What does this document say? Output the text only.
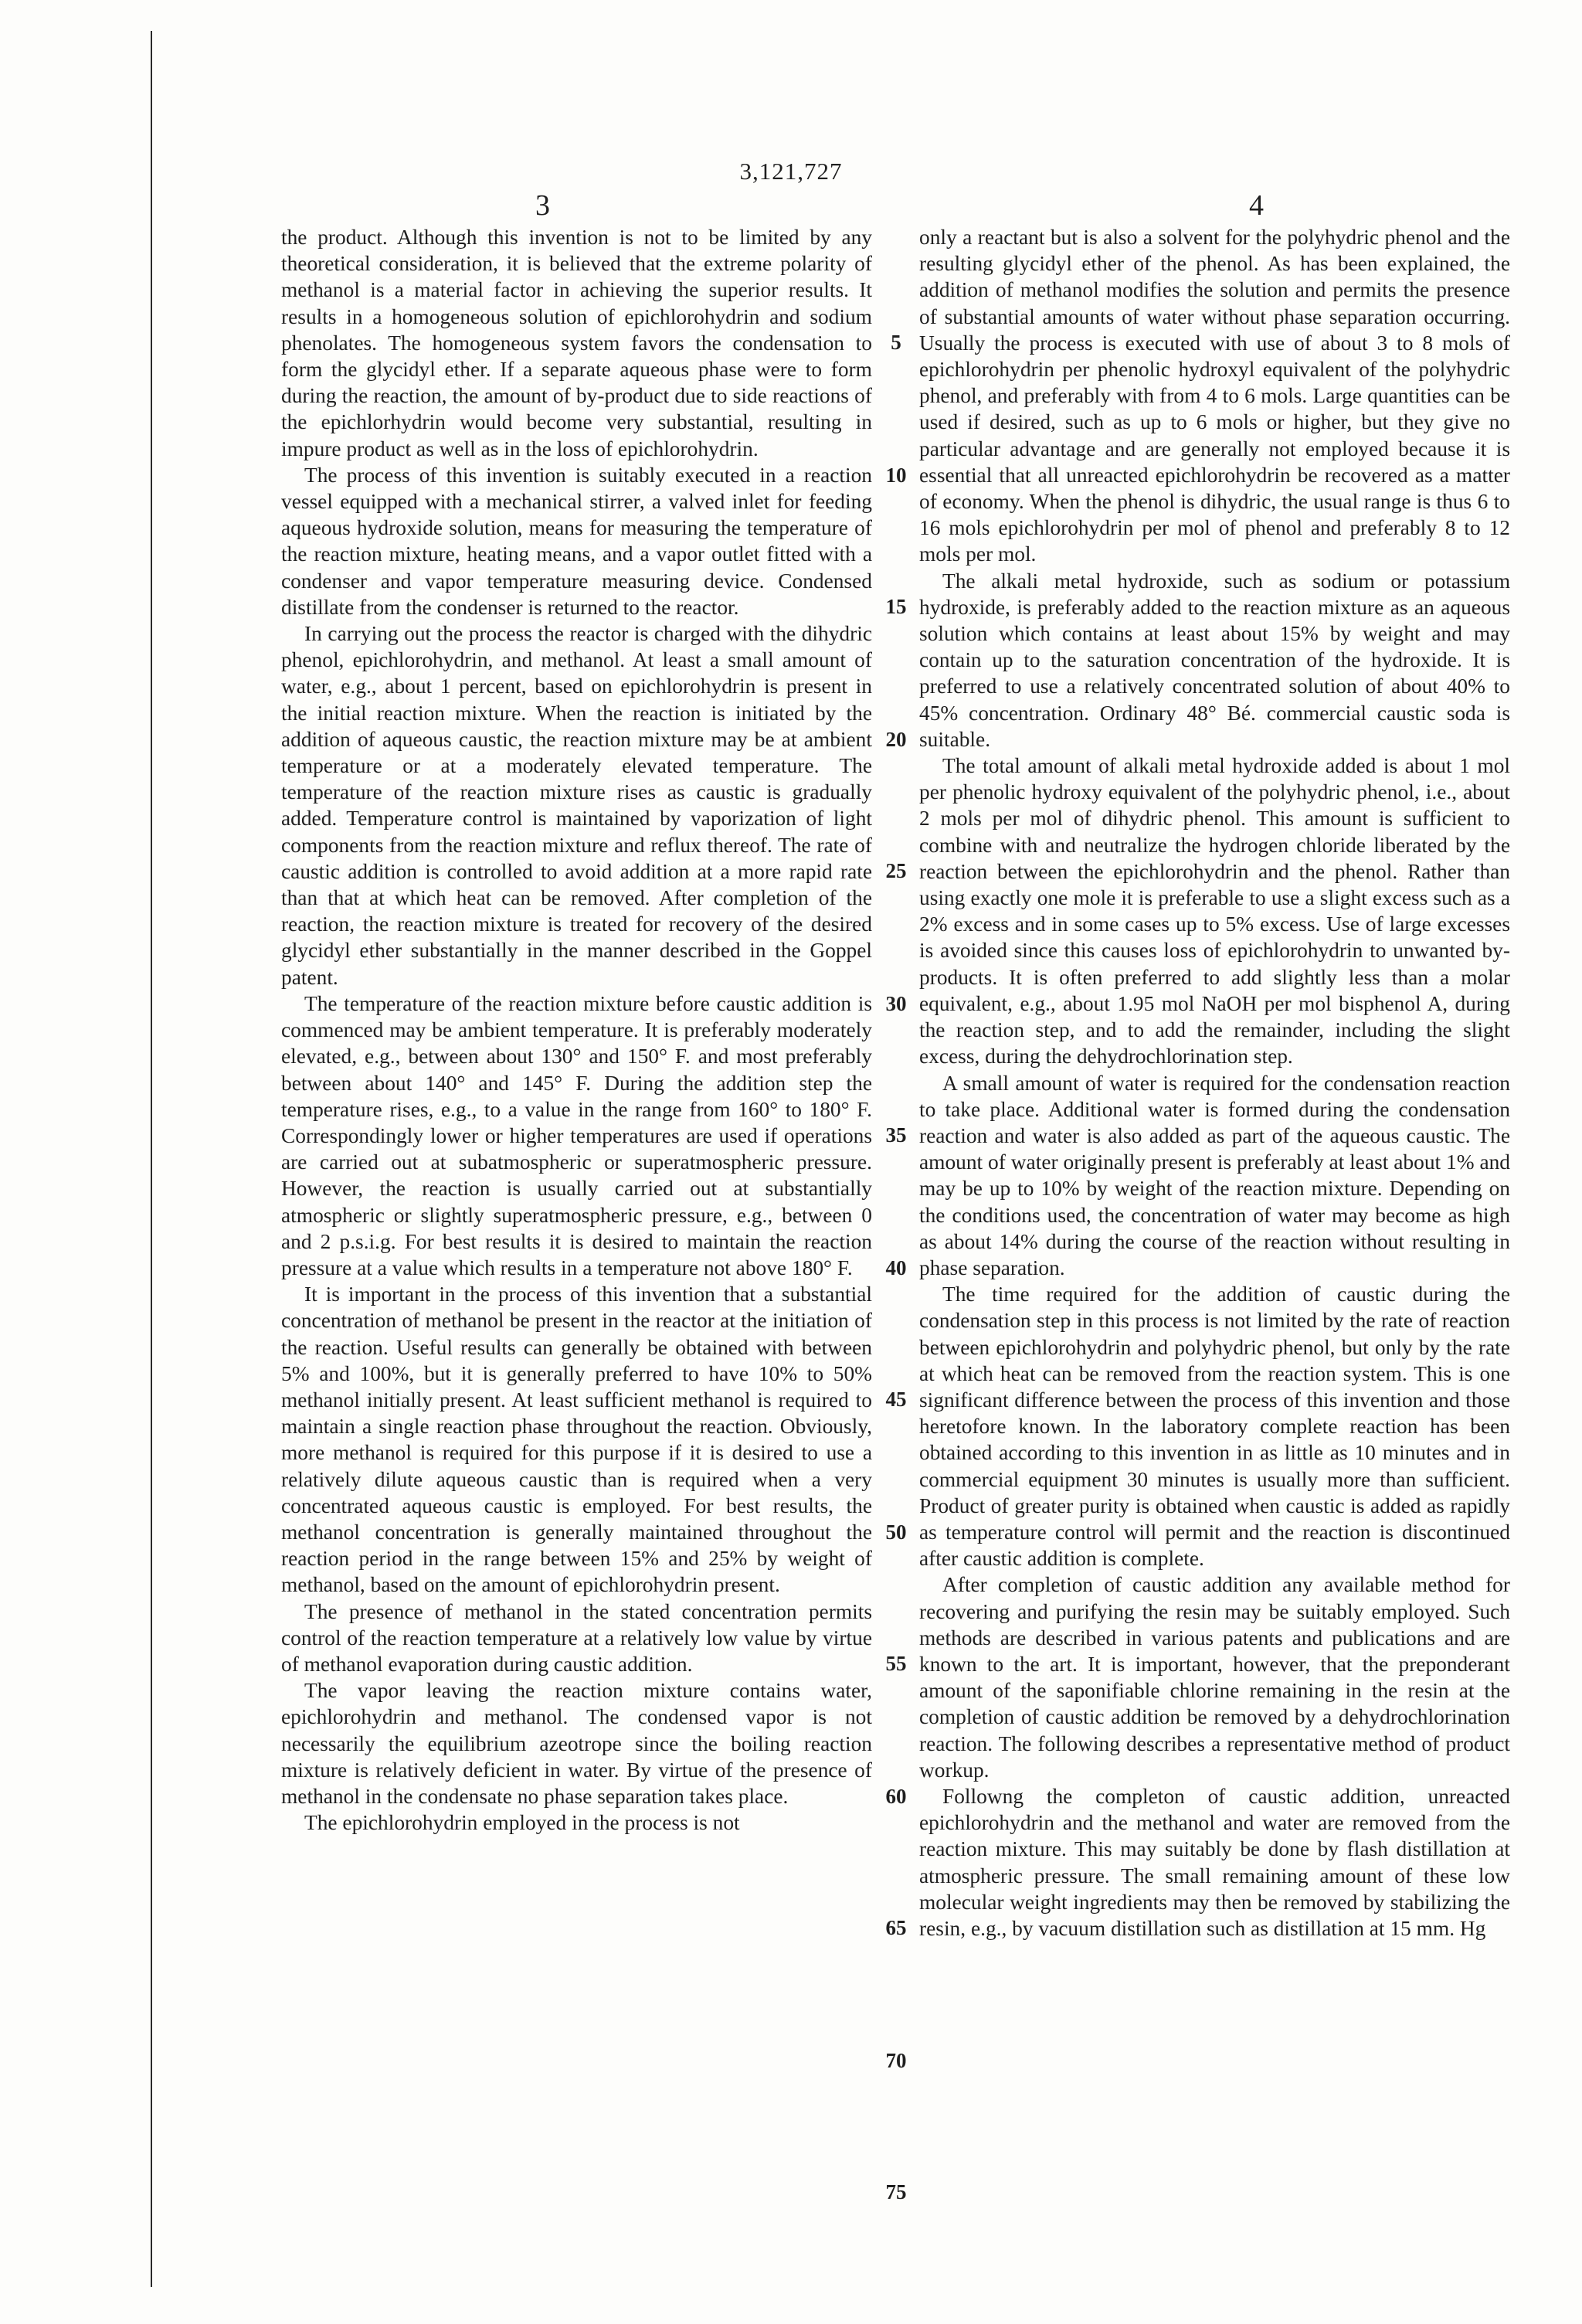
3,121,727
3	4

the product. Although this invention is not to be limited by any theoretical consideration, it is believed that the extreme polarity of methanol is a material factor in achieving the superior results. It results in a homogeneous solution of epichlorohydrin and sodium phenolates. The homogeneous system favors the condensation to form the glycidyl ether. If a separate aqueous phase were to form during the reaction, the amount of by-product due to side reactions of the epichlorhydrin would become very substantial, resulting in impure product as well as in the loss of epichlorohydrin.

The process of this invention is suitably executed in a reaction vessel equipped with a mechanical stirrer, a valved inlet for feeding aqueous hydroxide solution, means for measuring the temperature of the reaction mixture, heating means, and a vapor outlet fitted with a condenser and vapor temperature measuring device. Condensed distillate from the condenser is returned to the reactor.

In carrying out the process the reactor is charged with the dihydric phenol, epichlorohydrin, and methanol. At least a small amount of water, e.g., about 1 percent, based on epichlorohydrin is present in the initial reaction mixture. When the reaction is initiated by the addition of aqueous caustic, the reaction mixture may be at ambient temperature or at a moderately elevated temperature. The temperature of the reaction mixture rises as caustic is gradually added. Temperature control is maintained by vaporization of light components from the reaction mixture and reflux thereof. The rate of caustic addition is controlled to avoid addition at a more rapid rate than that at which heat can be removed. After completion of the reaction, the reaction mixture is treated for recovery of the desired glycidyl ether substantially in the manner described in the Goppel patent.

The temperature of the reaction mixture before caustic addition is commenced may be ambient temperature. It is preferably moderately elevated, e.g., between about 130° and 150° F. and most preferably between about 140° and 145° F. During the addition step the temperature rises, e.g., to a value in the range from 160° to 180° F. Correspondingly lower or higher temperatures are used if operations are carried out at subatmospheric or superatmospheric pressure. However, the reaction is usually carried out at substantially atmospheric or slightly superatmospheric pressure, e.g., between 0 and 2 p.s.i.g. For best results it is desired to maintain the reaction pressure at a value which results in a temperature not above 180° F.

It is important in the process of this invention that a substantial concentration of methanol be present in the reactor at the initiation of the reaction. Useful results can generally be obtained with between 5% and 100%, but it is generally preferred to have 10% to 50% methanol initially present. At least sufficient methanol is required to maintain a single reaction phase throughout the reaction. Obviously, more methanol is required for this purpose if it is desired to use a relatively dilute aqueous caustic than is required when a very concentrated aqueous caustic is employed. For best results, the methanol concentration is generally maintained throughout the reaction period in the range between 15% and 25% by weight of methanol, based on the amount of epichlorohydrin present.

The presence of methanol in the stated concentration permits control of the reaction temperature at a relatively low value by virtue of methanol evaporation during caustic addition.

The vapor leaving the reaction mixture contains water, epichlorohydrin and methanol. The condensed vapor is not necessarily the equilibrium azeotrope since the boiling reaction mixture is relatively deficient in water. By virtue of the presence of methanol in the condensate no phase separation takes place.

The epichlorohydrin employed in the process is not

5
10
15
20
25
30
35
40
45
50
55
60
65
70
75

only a reactant but is also a solvent for the polyhydric phenol and the resulting glycidyl ether of the phenol. As has been explained, the addition of methanol modifies the solution and permits the presence of substantial amounts of water without phase separation occurring. Usually the process is executed with use of about 3 to 8 mols of epichlorohydrin per phenolic hydroxyl equivalent of the polyhydric phenol, and preferably with from 4 to 6 mols. Large quantities can be used if desired, such as up to 6 mols or higher, but they give no particular advantage and are generally not employed because it is essential that all unreacted epichlorohydrin be recovered as a matter of economy. When the phenol is dihydric, the usual range is thus 6 to 16 mols epichlorohydrin per mol of phenol and preferably 8 to 12 mols per mol.

The alkali metal hydroxide, such as sodium or potassium hydroxide, is preferably added to the reaction mixture as an aqueous solution which contains at least about 15% by weight and may contain up to the saturation concentration of the hydroxide. It is preferred to use a relatively concentrated solution of about 40% to 45% concentration. Ordinary 48° Bé. commercial caustic soda is suitable.

The total amount of alkali metal hydroxide added is about 1 mol per phenolic hydroxy equivalent of the polyhydric phenol, i.e., about 2 mols per mol of dihydric phenol. This amount is sufficient to combine with and neutralize the hydrogen chloride liberated by the reaction between the epichlorohydrin and the phenol. Rather than using exactly one mole it is preferable to use a slight excess such as a 2% excess and in some cases up to 5% excess. Use of large excesses is avoided since this causes loss of epichlorohydrin to unwanted by-products. It is often preferred to add slightly less than a molar equivalent, e.g., about 1.95 mol NaOH per mol bisphenol A, during the reaction step, and to add the remainder, including the slight excess, during the dehydrochlorination step.

A small amount of water is required for the condensation reaction to take place. Additional water is formed during the condensation reaction and water is also added as part of the aqueous caustic. The amount of water originally present is preferably at least about 1% and may be up to 10% by weight of the reaction mixture. Depending on the conditions used, the concentration of water may become as high as about 14% during the course of the reaction without resulting in phase separation.

The time required for the addition of caustic during the condensation step in this process is not limited by the rate of reaction between epichlorohydrin and polyhydric phenol, but only by the rate at which heat can be removed from the reaction system. This is one significant difference between the process of this invention and those heretofore known. In the laboratory complete reaction has been obtained according to this invention in as little as 10 minutes and in commercial equipment 30 minutes is usually more than sufficient. Product of greater purity is obtained when caustic is added as rapidly as temperature control will permit and the reaction is discontinued after caustic addition is complete.

After completion of caustic addition any available method for recovering and purifying the resin may be suitably employed. Such methods are described in various patents and publications and are known to the art. It is important, however, that the preponderant amount of the saponifiable chlorine remaining in the resin at the completion of caustic addition be removed by a dehydrochlorination reaction. The following describes a representative method of product workup.

Followng the completon of caustic addition, unreacted epichlorohydrin and the methanol and water are removed from the reaction mixture. This may suitably be done by flash distillation at atmospheric pressure. The small remaining amount of these low molecular weight ingredients may then be removed by stabilizing the resin, e.g., by vacuum distillation such as distillation at 15 mm. Hg
